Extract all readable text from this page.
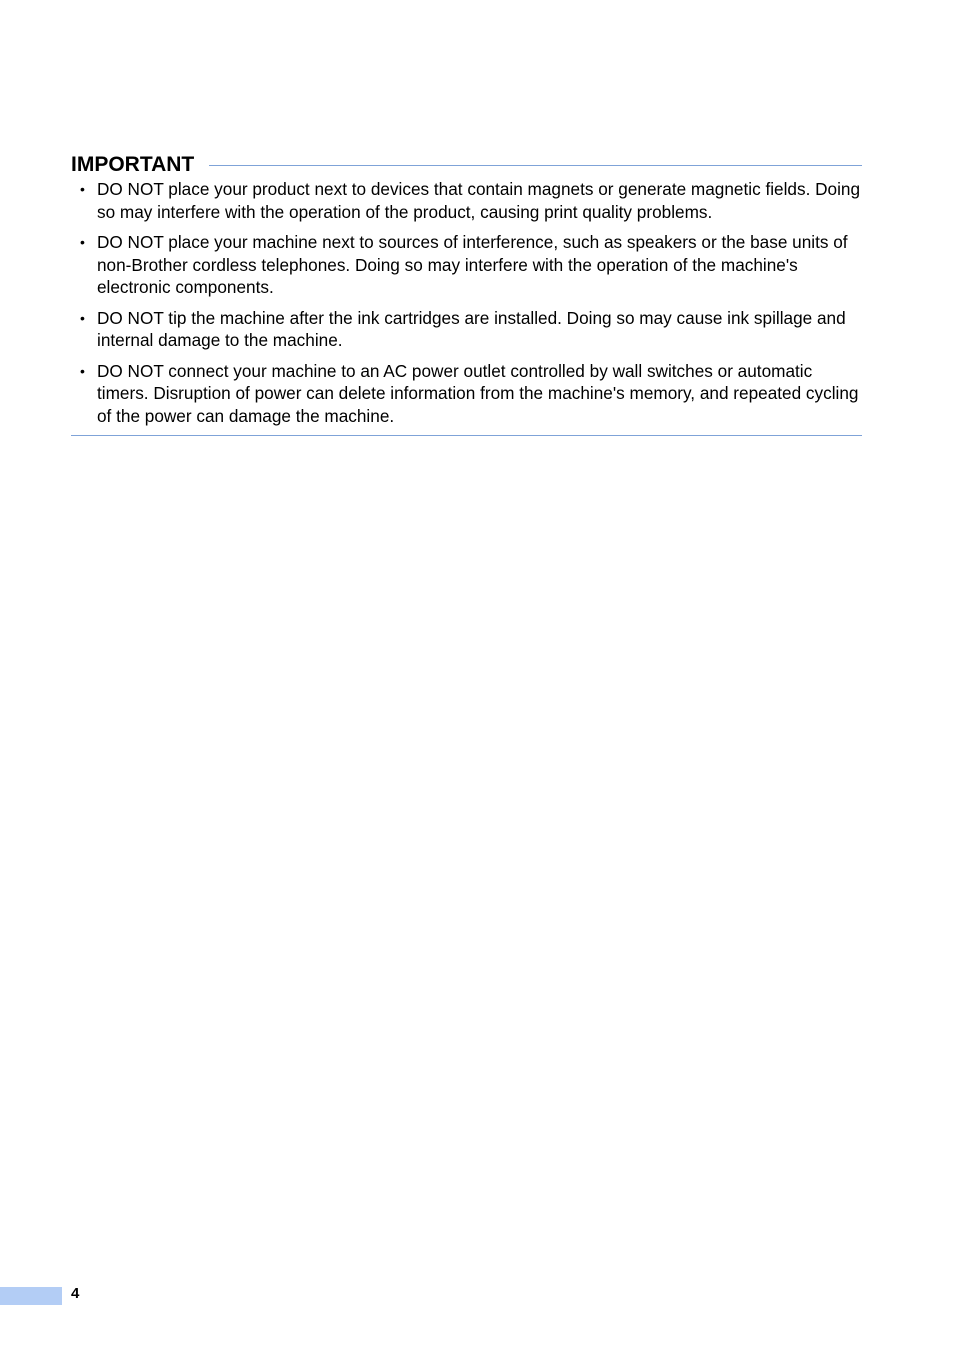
IMPORTANT
• DO NOT place your product next to devices that contain magnets or generate magnetic fields. Doing so may interfere with the operation of the product, causing print quality problems.
• DO NOT place your machine next to sources of interference, such as speakers or the base units of non-Brother cordless telephones. Doing so may interfere with the operation of the machine's electronic components.
• DO NOT tip the machine after the ink cartridges are installed. Doing so may cause ink spillage and internal damage to the machine.
• DO NOT connect your machine to an AC power outlet controlled by wall switches or automatic timers. Disruption of power can delete information from the machine's memory, and repeated cycling of the power can damage the machine.
4
